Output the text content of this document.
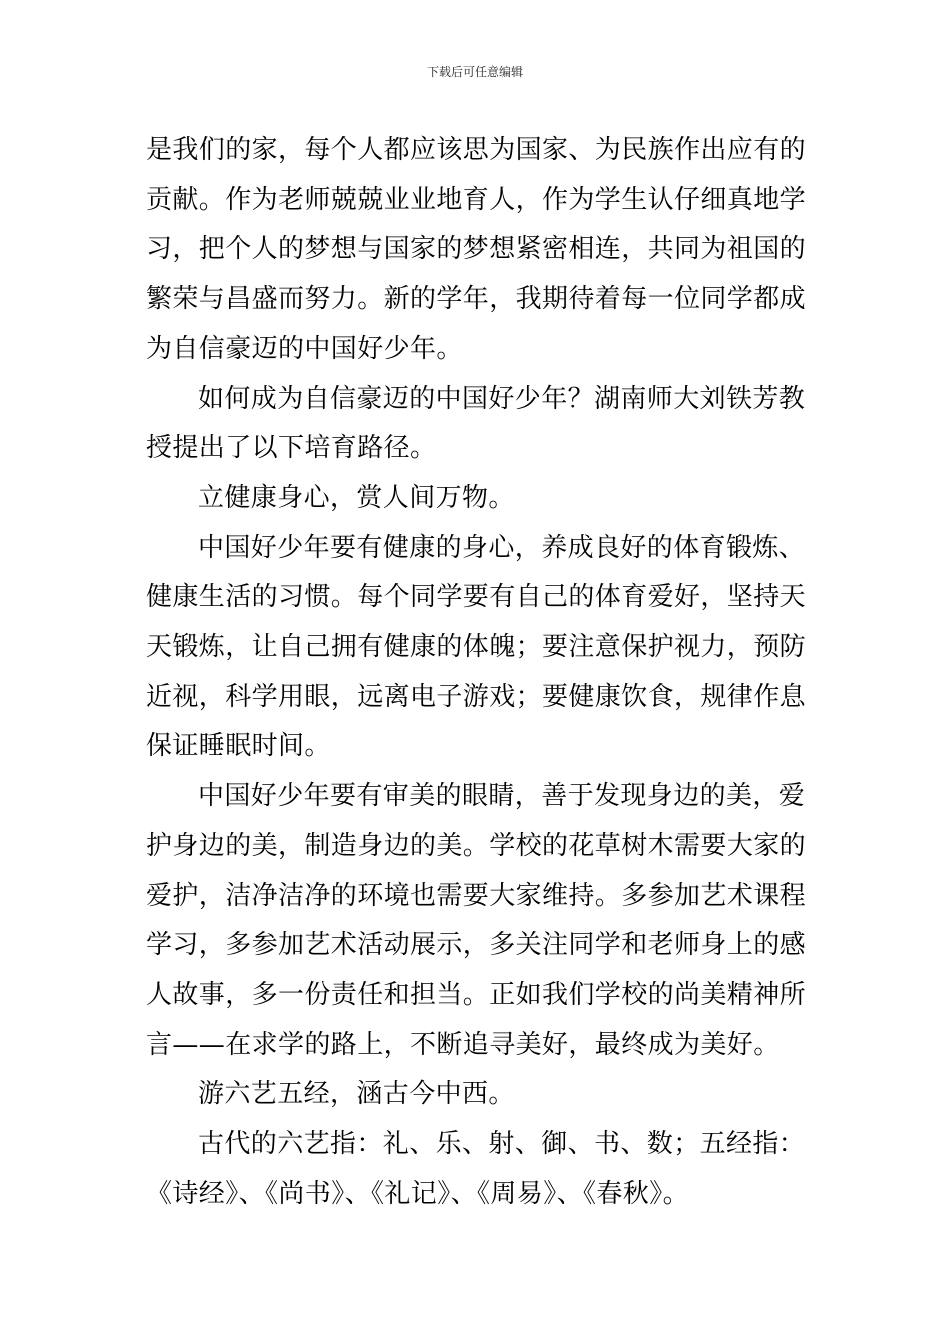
下载后可任意编辑

是我们的家，每个人都应该思为国家、为民族作出应有的
贡献。作为老师兢兢业业地育人，作为学生认仔细真地学
习，把个人的梦想与国家的梦想紧密相连，共同为祖国的
繁荣与昌盛而努力。新的学年，我期待着每一位同学都成
为自信豪迈的中国好少年。

如何成为自信豪迈的中国好少年？湖南师大刘铁芳教
授提出了以下培育路径。

立健康身心，赏人间万物。

中国好少年要有健康的身心，养成良好的体育锻炼、
健康生活的习惯。每个同学要有自己的体育爱好，坚持天
天锻炼，让自己拥有健康的体魄；要注意保护视力，预防
近视，科学用眼，远离电子游戏；要健康饮食，规律作息
保证睡眠时间。

中国好少年要有审美的眼睛，善于发现身边的美，爱
护身边的美，制造身边的美。学校的花草树木需要大家的
爱护，洁净洁净的环境也需要大家维持。多参加艺术课程
学习，多参加艺术活动展示，多关注同学和老师身上的感
人故事，多一份责任和担当。正如我们学校的尚美精神所
言——在求学的路上，不断追寻美好，最终成为美好。

游六艺五经，涵古今中西。

古代的六艺指：礼、乐、射、御、书、数；五经指：
《诗经》、《尚书》、《礼记》、《周易》、《春秋》。
